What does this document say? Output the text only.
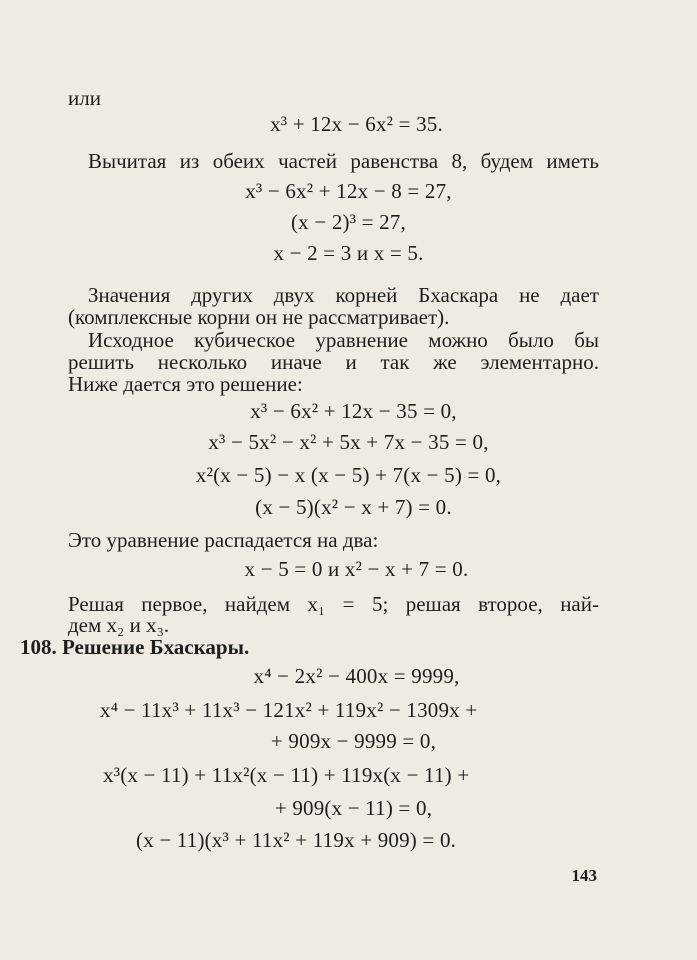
или
x³ + 12x − 6x² = 35.
Вычитая из обеих частей равенства 8, будем иметь
x³ − 6x² + 12x − 8 = 27,
(x − 2)³ = 27,
x − 2 = 3 и x = 5.
Значения других двух корней Бхаскара не дает
(комплексные корни он не рассматривает).
Исходное кубическое уравнение можно было бы
решить несколько иначе и так же элементарно.
Ниже дается это решение:
x³ − 6x² + 12x − 35 = 0,
x³ − 5x² − x² + 5x + 7x − 35 = 0,
x²(x − 5) − x (x − 5) + 7(x − 5) = 0,
(x − 5)(x² − x + 7) = 0.
Это уравнение распадается на два:
x − 5 = 0 и x² − x + 7 = 0.
Решая первое, найдем x₁ = 5; решая второе, най-
дем x₂ и x₃.
108. Решение Бхаскары.
x⁴ − 2x² − 400x = 9999,
x⁴ − 11x³ + 11x³ − 121x² + 119x² − 1309x +
+ 909x − 9999 = 0,
x³(x − 11) + 11x²(x − 11) + 119x(x − 11) +
+ 909(x − 11) = 0,
(x − 11)(x³ + 11x² + 119x + 909) = 0.
143
